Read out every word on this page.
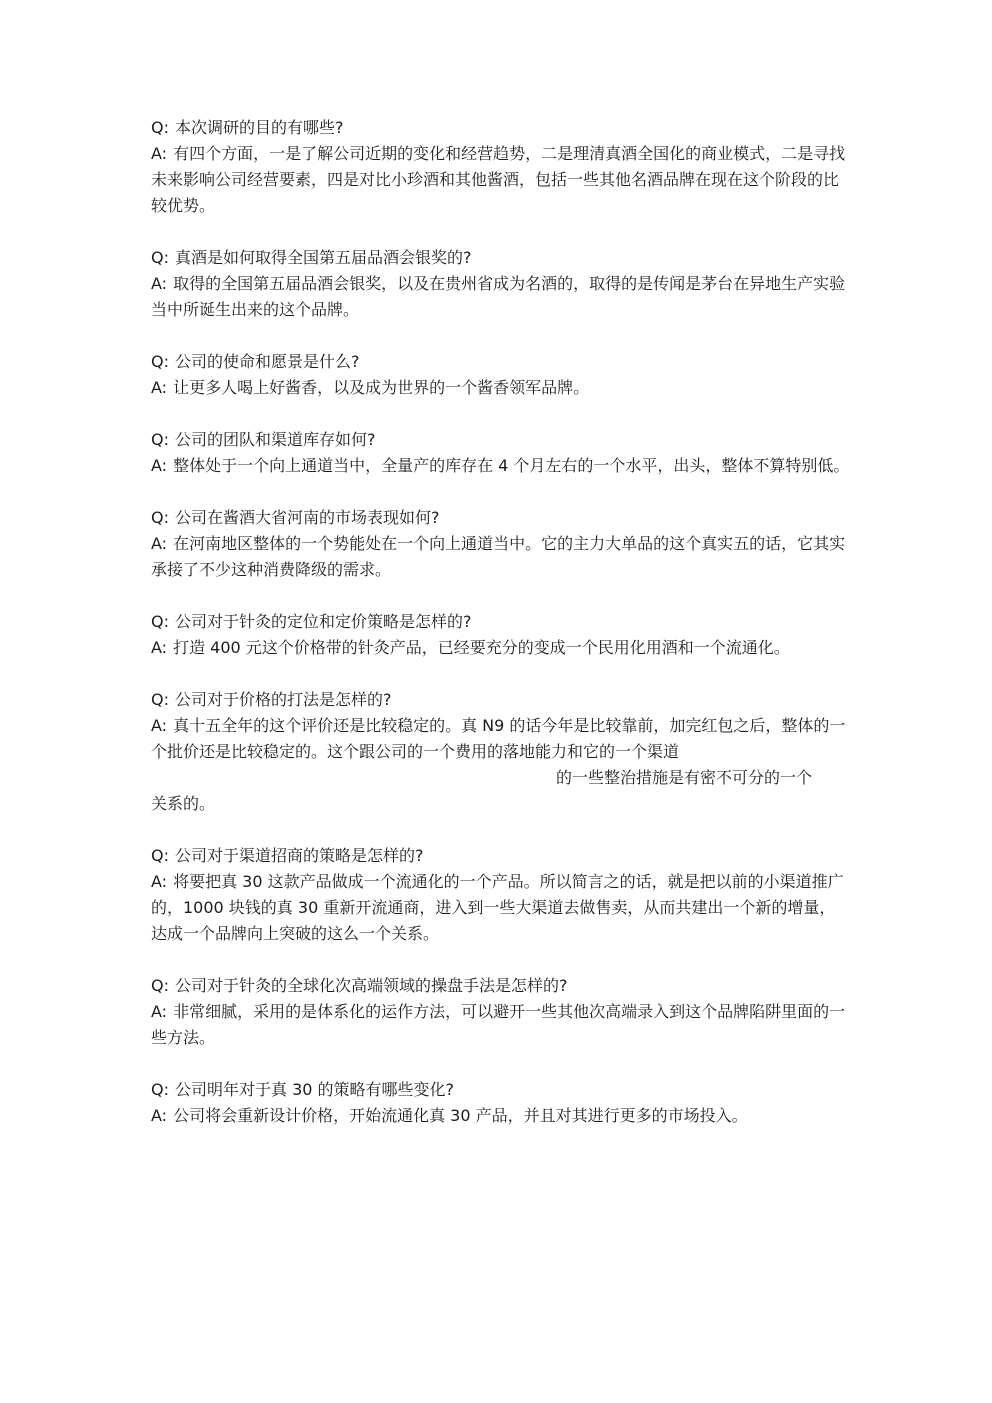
Q: 本次调研的目的有哪些?

A: 有四个方面，一是了解公司近期的变化和经营趋势，二是理清真酒全国化的商业模式，二是寻找未来影响公司经营要素，四是对比小珍酒和其他酱酒，包括一些其他名酒品牌在现在这个阶段的比较优势。

Q: 真酒是如何取得全国第五届品酒会银奖的?

A: 取得的全国第五届品酒会银奖，以及在贵州省成为名酒的，取得的是传闻是茅台在异地生产实验当中所诞生出来的这个品牌。

Q: 公司的使命和愿景是什么?

A: 让更多人喝上好酱香，以及成为世界的一个酱香领军品牌。

Q: 公司的团队和渠道库存如何?

A: 整体处于一个向上通道当中，全量产的库存在 4 个月左右的一个水平，出头，整体不算特别低。

Q: 公司在酱酒大省河南的市场表现如何?

A: 在河南地区整体的一个势能处在一个向上通道当中。它的主力大单品的这个真实五的话，它其实承接了不少这种消费降级的需求。

Q: 公司对于针灸的定位和定价策略是怎样的?

A: 打造 400 元这个价格带的针灸产品，已经要充分的变成一个民用化用酒和一个流通化。

Q: 公司对于价格的打法是怎样的?

A: 真十五全年的这个评价还是比较稳定的。真 N9 的话今年是比较靠前，加完红包之后，整体的一个批价还是比较稳定的。这个跟公司的一个费用的落地能力和它的一个渠道
的一些整治措施是有密不可分的一个
关系的。

Q: 公司对于渠道招商的策略是怎样的?

A: 将要把真 30 这款产品做成一个流通化的一个产品。所以简言之的话，就是把以前的小渠道推广的，1000 块钱的真 30 重新开流通商，进入到一些大渠道去做售卖，从而共建出一个新的增量，达成一个品牌向上突破的这么一个关系。

Q: 公司对于针灸的全球化次高端领域的操盘手法是怎样的?

A: 非常细腻，采用的是体系化的运作方法，可以避开一些其他次高端录入到这个品牌陷阱里面的一些方法。

Q: 公司明年对于真 30 的策略有哪些变化?

A: 公司将会重新设计价格，开始流通化真 30 产品，并且对其进行更多的市场投入。
